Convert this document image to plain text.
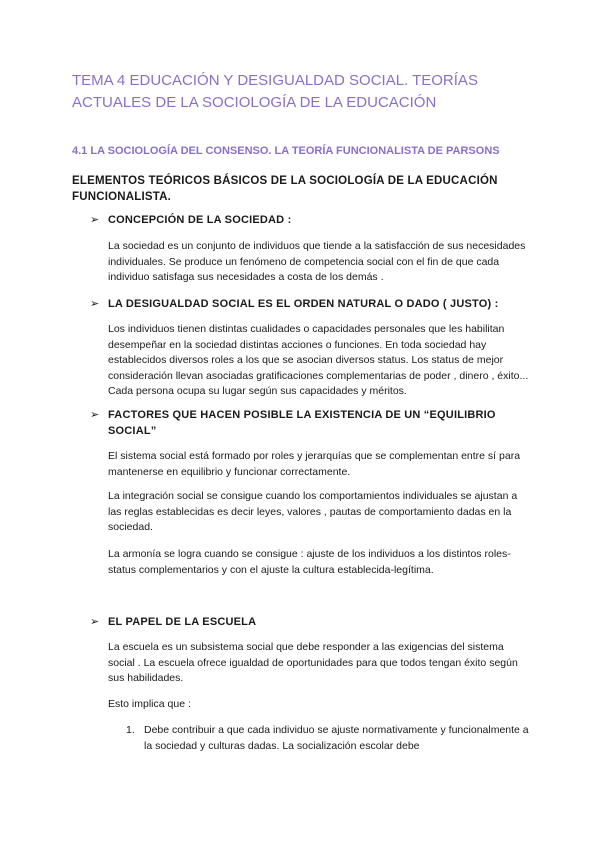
TEMA 4 EDUCACIÓN Y DESIGUALDAD SOCIAL. TEORÍAS ACTUALES DE LA SOCIOLOGÍA DE LA EDUCACIÓN
4.1 LA SOCIOLOGÍA DEL CONSENSO. LA TEORÍA FUNCIONALISTA DE PARSONS
ELEMENTOS TEÓRICOS BÁSICOS DE LA SOCIOLOGÍA DE LA EDUCACIÓN FUNCIONALISTA.
➢ CONCEPCIÓN DE LA SOCIEDAD :

La sociedad es un conjunto de individuos que tiende a la satisfacción de sus necesidades individuales. Se produce un fenómeno de competencia social con el fin de que cada individuo satisfaga sus necesidades a costa de los demás .

➢ LA DESIGUALDAD SOCIAL ES EL ORDEN NATURAL O DADO ( JUSTO) :

Los individuos tienen distintas cualidades o capacidades personales que les habilitan desempeñar en la sociedad distintas acciones o funciones. En toda sociedad hay establecidos diversos roles a los que se asocian diversos status. Los status de mejor consideración llevan asociadas gratificaciones complementarias de poder , dinero , éxito... Cada persona ocupa su lugar según sus capacidades y méritos.

➢ FACTORES QUE HACEN POSIBLE LA EXISTENCIA DE UN “EQUILIBRIO SOCIAL”

El sistema social está formado por roles y jerarquías que se complementan entre sí para mantenerse en equilibrio y funcionar correctamente.

La integración social se consigue cuando los comportamientos individuales se ajustan a las reglas establecidas es decir leyes, valores , pautas de comportamiento dadas en la sociedad.

La armonía se logra cuando se consigue : ajuste de los individuos a los distintos roles-status complementarios y con el ajuste la cultura establecida-legítima.

➢ EL PAPEL DE LA ESCUELA

La escuela es un subsistema social que debe responder a las exigencias del sistema social . La escuela ofrece igualdad de oportunidades para que todos tengan éxito según sus habilidades.

Esto implica que :

1. Debe contribuir a que cada individuo se ajuste normativamente y funcionalmente a la sociedad y culturas dadas. La socialización escolar debe
